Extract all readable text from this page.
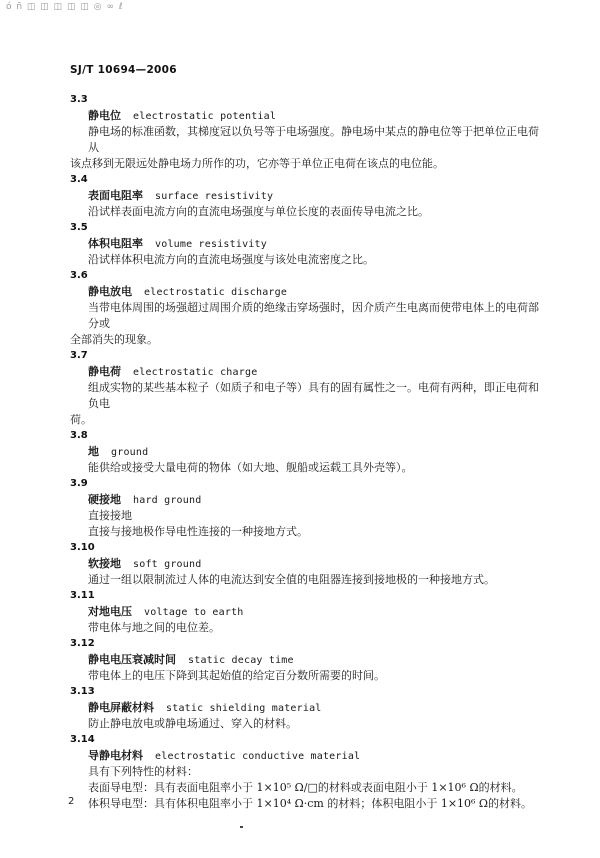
ó ñ ◫ ◫ ◫ ◫ ◫ ◎ ∞ ℓ
SJ/T 10694—2006
3.3
静电位 electrostatic potential

静电场的标准函数，其梯度冠以负号等于电场强度。静电场中某点的静电位等于把单位正电荷从

该点移到无限远处静电场力所作的功，它亦等于单位正电荷在该点的电位能。

3.4
表面电阻率 surface resistivity

沿试样表面电流方向的直流电场强度与单位长度的表面传导电流之比。

3.5
体积电阻率 volume resistivity

沿试样体积电流方向的直流电场强度与该处电流密度之比。

3.6
静电放电 electrostatic discharge

当带电体周围的场强超过周围介质的绝缘击穿场强时，因介质产生电离而使带电体上的电荷部分或

全部消失的现象。

3.7
静电荷 electrostatic charge

组成实物的某些基本粒子（如质子和电子等）具有的固有属性之一。电荷有两种，即正电荷和负电

荷。

3.8
地 ground

能供给或接受大量电荷的物体（如大地、舰船或运载工具外壳等）。

3.9
硬接地 hard ground

直接接地

直接与接地极作导电性连接的一种接地方式。

3.10
软接地 soft ground

通过一组以限制流过人体的电流达到安全值的电阻器连接到接地极的一种接地方式。

3.11
对地电压 voltage to earth

带电体与地之间的电位差。

3.12
静电电压衰减时间 static decay time

带电体上的电压下降到其起始值的给定百分数所需要的时间。

3.13
静电屏蔽材料 static shielding material

防止静电放电或静电场通过、穿入的材料。

3.14
导静电材料 electrostatic conductive material

具有下列特性的材料：

表面导电型：具有表面电阻率小于 1×10⁵ Ω/□的材料或表面电阻小于 1×10⁶ Ω的材料。

体积导电型：具有体积电阻率小于 1×10⁴ Ω·cm 的材料；体积电阻小于 1×10⁶ Ω的材料。

2
